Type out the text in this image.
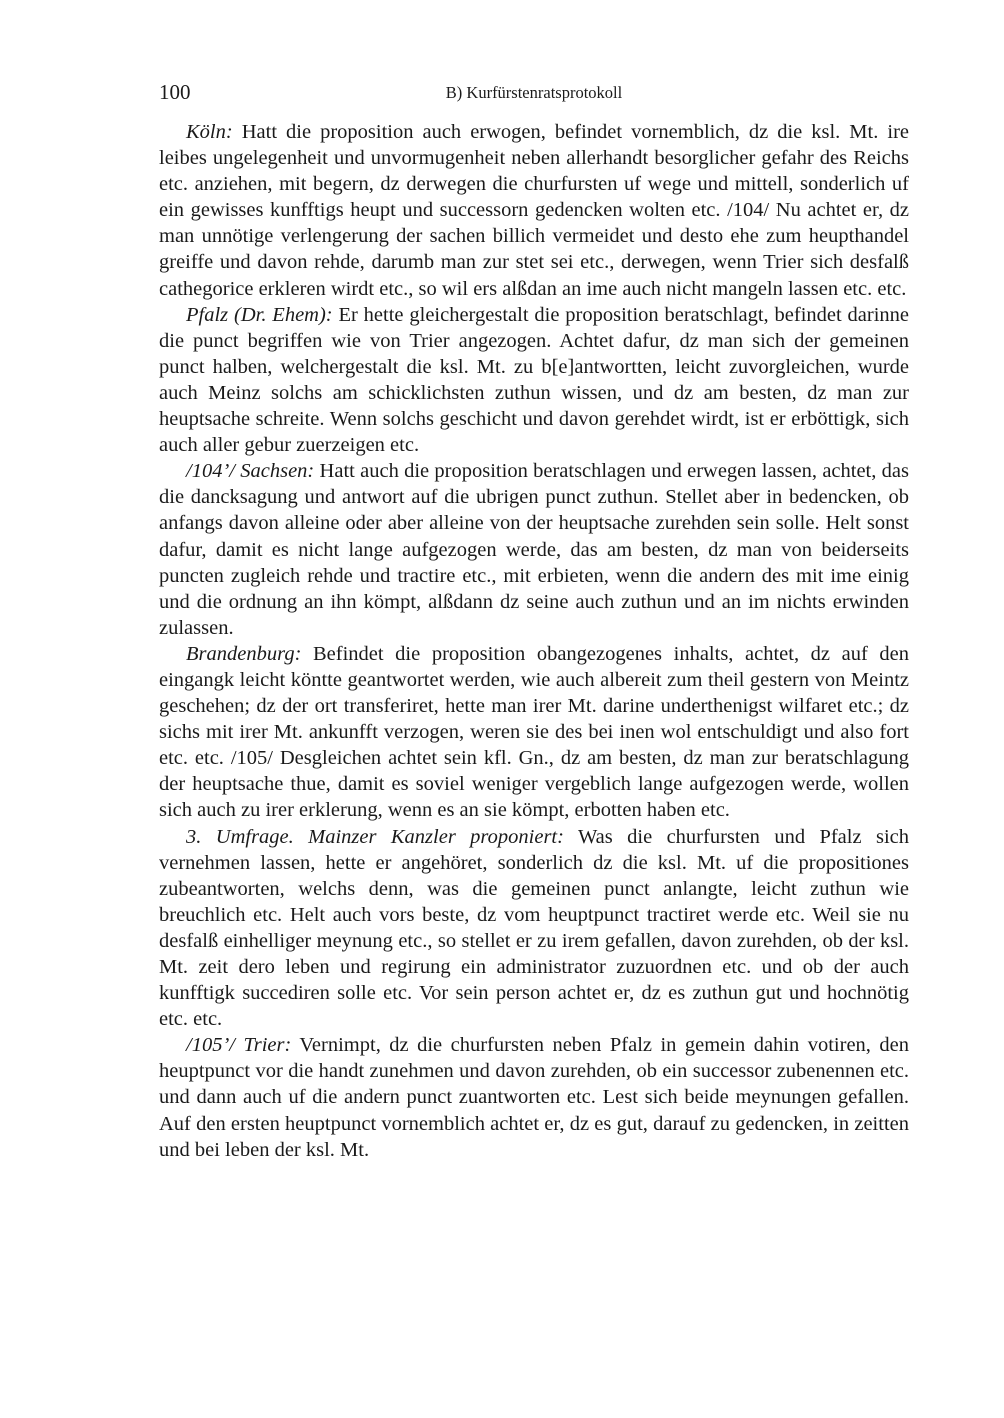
100	B) Kurfürstenratsprotokoll

Köln: Hatt die proposition auch erwogen, befindet vornemblich, dz die ksl. Mt. ire leibes ungelegenheit und unvormugenheit neben allerhandt besorglicher gefahr des Reichs etc. anziehen, mit begern, dz derwegen die churfursten uf wege und mittell, sonderlich uf ein gewisses kunfftigs heupt und successorn gedencken wolten etc. /104/ Nu achtet er, dz man unnötige verlengerung der sachen billich vermeidet und desto ehe zum heupthandel greiffe und davon rehde, darumb man zur stet sei etc., derwegen, wenn Trier sich desfalß cathegorice erkleren wirdt etc., so wil ers alßdan an ime auch nicht mangeln lassen etc. etc.

Pfalz (Dr. Ehem): Er hette gleichergestalt die proposition beratschlagt, befindet darinne die punct begriffen wie von Trier angezogen. Achtet dafur, dz man sich der gemeinen punct halben, welchergestalt die ksl. Mt. zu b[e]antwortten, leicht zuvorgleichen, wurde auch Meinz solchs am schicklichsten zuthun wissen, und dz am besten, dz man zur heuptsache schreite. Wenn solchs geschicht und davon gerehdet wirdt, ist er erböttigk, sich auch aller gebur zuerzeigen etc.

/104’/ Sachsen: Hatt auch die proposition beratschlagen und erwegen lassen, achtet, das die dancksagung und antwort auf die ubrigen punct zuthun. Stellet aber in bedencken, ob anfangs davon alleine oder aber alleine von der heuptsache zurehden sein solle. Helt sonst dafur, damit es nicht lange aufgezogen werde, das am besten, dz man von beiderseits puncten zugleich rehde und tractire etc., mit erbieten, wenn die andern des mit ime einig und die ordnung an ihn kömpt, alßdann dz seine auch zuthun und an im nichts erwinden zulassen.

Brandenburg: Befindet die proposition obangezogenes inhalts, achtet, dz auf den eingangk leicht köntte geantwortet werden, wie auch albereit zum theil gestern von Meintz geschehen; dz der ort transferiret, hette man irer Mt. darine underthenigst wilfaret etc.; dz sichs mit irer Mt. ankunfft verzogen, weren sie des bei inen wol entschuldigt und also fort etc. etc. /105/ Desgleichen achtet sein kfl. Gn., dz am besten, dz man zur beratschlagung der heuptsache thue, damit es soviel weniger vergeblich lange aufgezogen werde, wollen sich auch zu irer erklerung, wenn es an sie kömpt, erbotten haben etc.

3. Umfrage. Mainzer Kanzler proponiert: Was die churfursten und Pfalz sich vernehmen lassen, hette er angehöret, sonderlich dz die ksl. Mt. uf die propositiones zubeantworten, welchs denn, was die gemeinen punct anlangte, leicht zuthun wie breuchlich etc. Helt auch vors beste, dz vom heuptpunct tractiret werde etc. Weil sie nu desfalß einhelliger meynung etc., so stellet er zu irem gefallen, davon zurehden, ob der ksl. Mt. zeit dero leben und regirung ein administrator zuzuordnen etc. und ob der auch kunfftigk succediren solle etc. Vor sein person achtet er, dz es zuthun gut und hochnötig etc. etc.

/105’/ Trier: Vernimpt, dz die churfursten neben Pfalz in gemein dahin votiren, den heuptpunct vor die handt zunehmen und davon zurehden, ob ein successor zubenennen etc. und dann auch uf die andern punct zuantworten etc. Lest sich beide meynungen gefallen. Auf den ersten heuptpunct vornemblich achtet er, dz es gut, darauf zu gedencken, in zeitten und bei leben der ksl. Mt.
